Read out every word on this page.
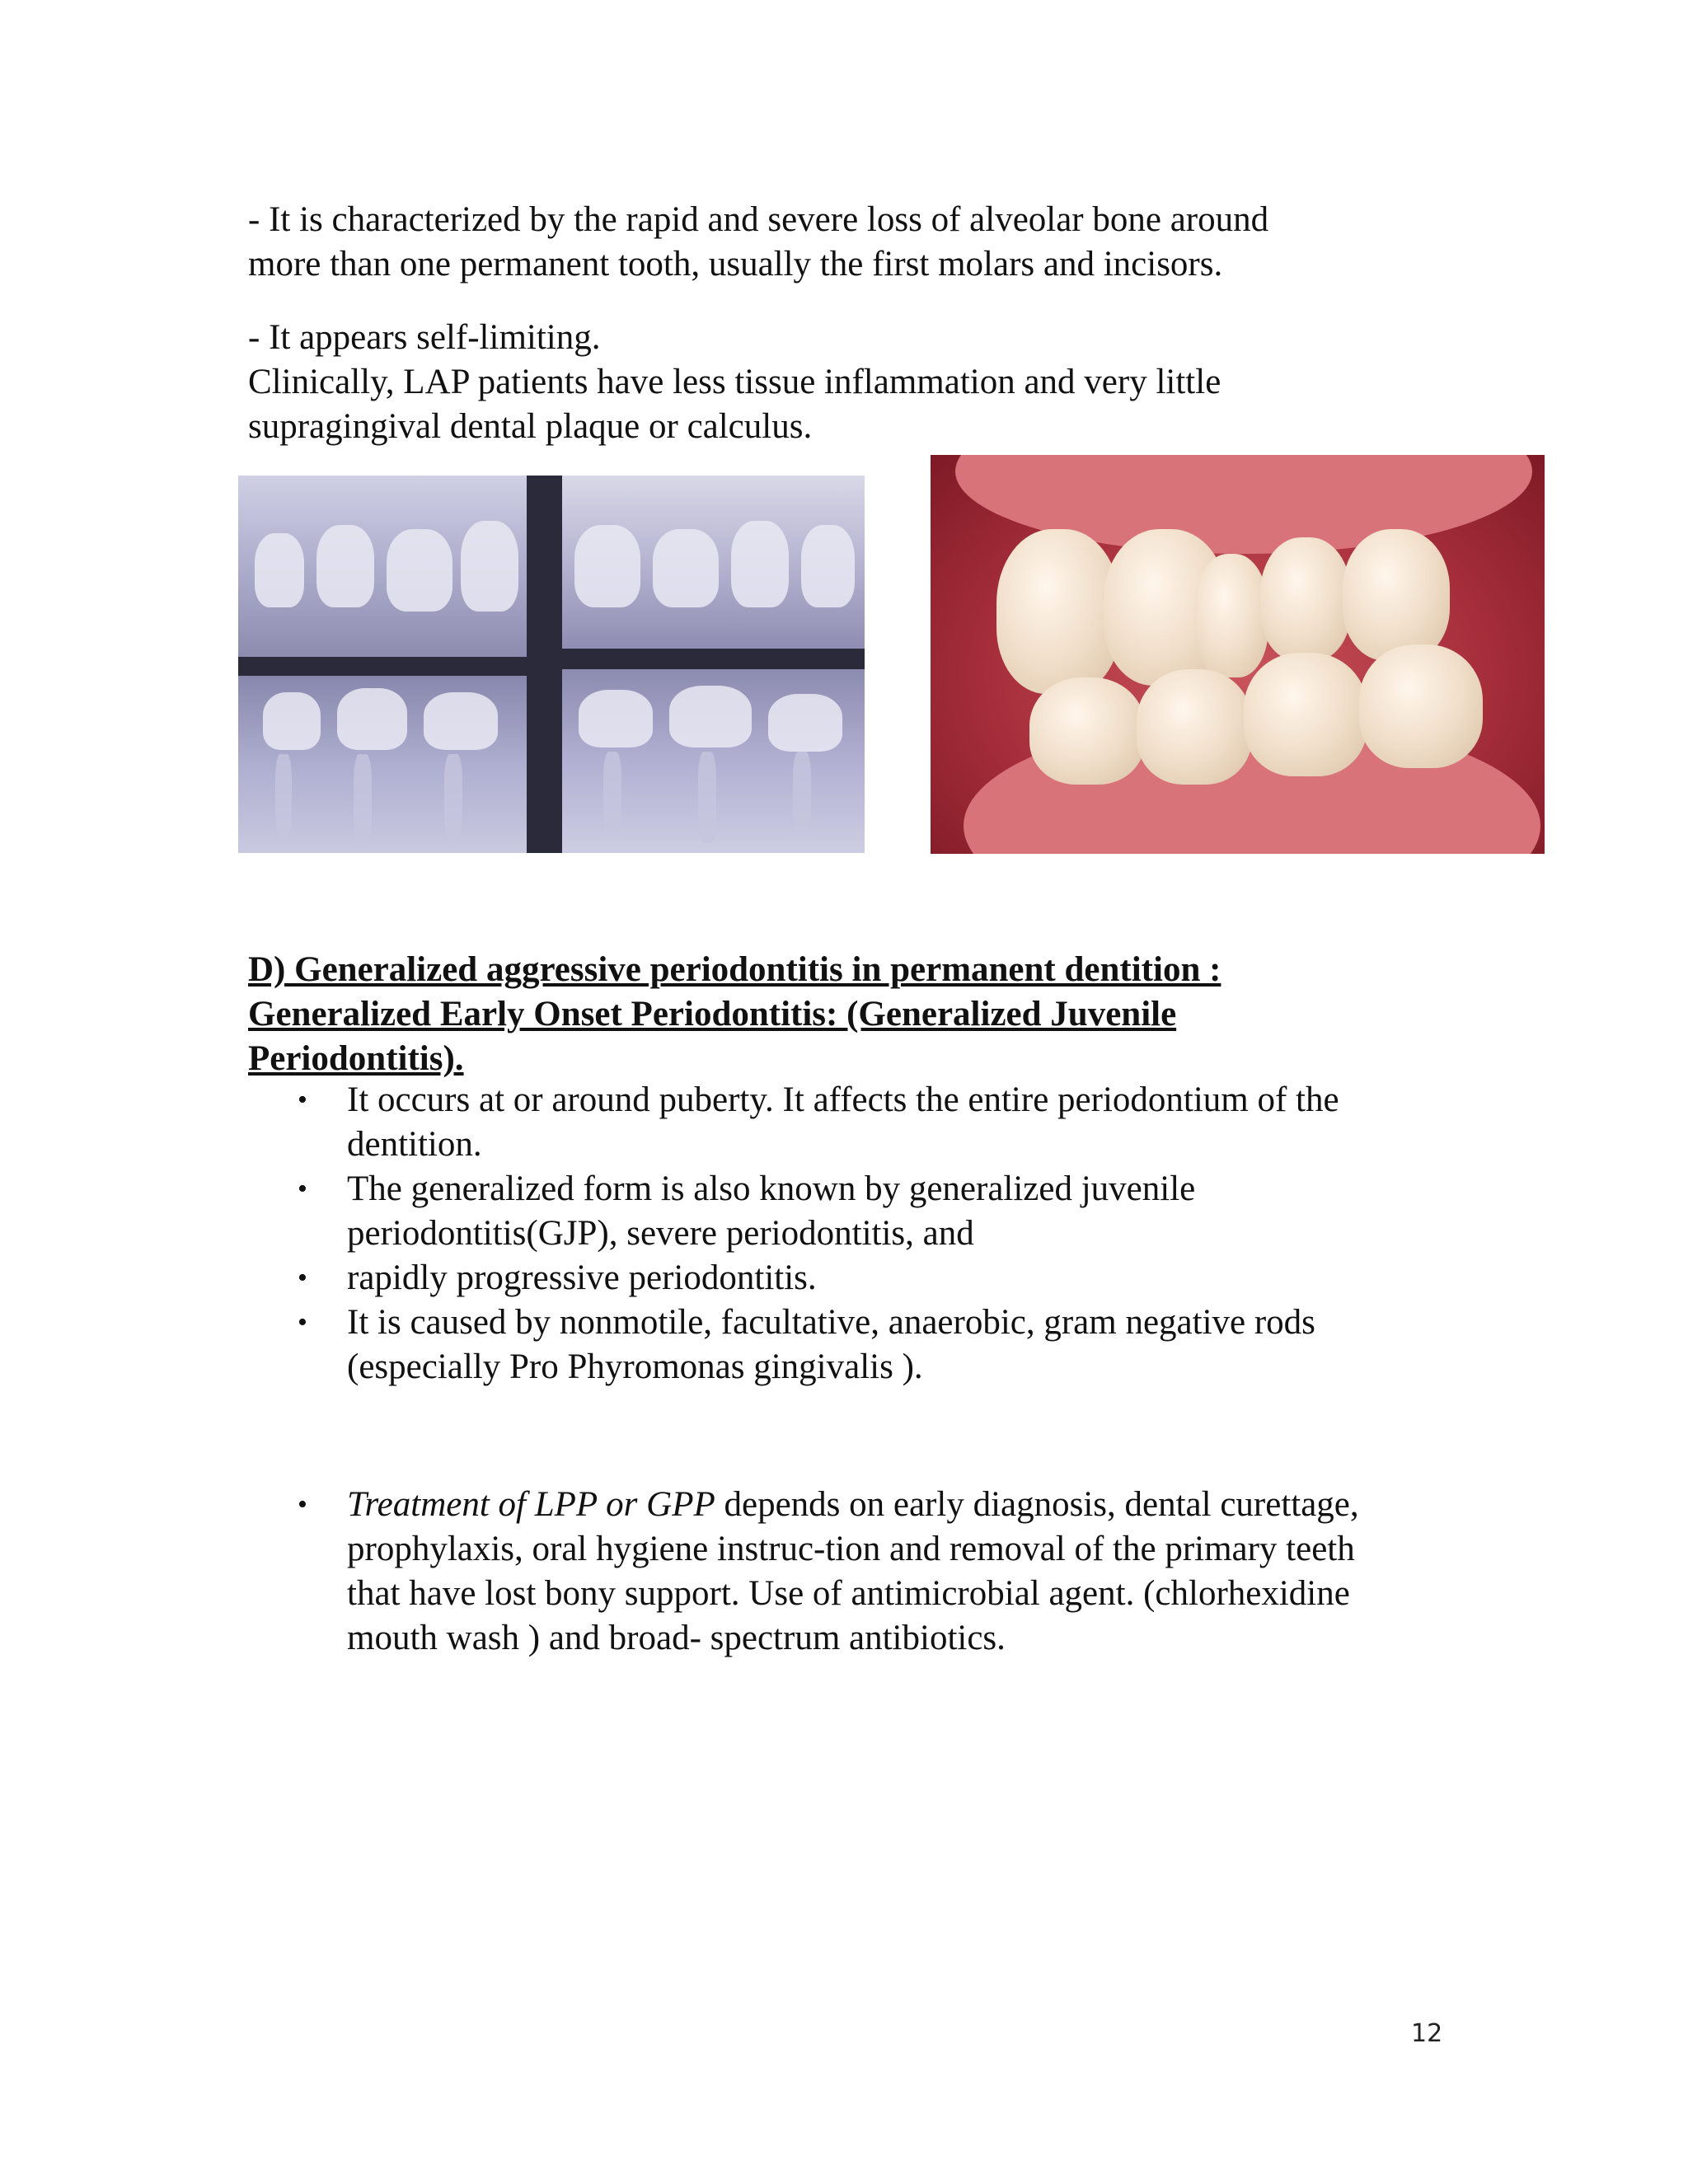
- It is characterized by the rapid and severe loss of alveolar bone around
more than one permanent tooth, usually the first molars and incisors.
- It appears self-limiting.
Clinically, LAP patients have less tissue inflammation and very little
supragingival dental plaque or calculus.
D) Generalized aggressive periodontitis in permanent dentition :
Generalized Early Onset Periodontitis: (Generalized Juvenile
Periodontitis).
• It occurs at or around puberty. It affects the entire periodontium of the
dentition.
• The generalized form is also known by generalized juvenile
periodontitis(GJP), severe periodontitis, and
• rapidly progressive periodontitis.
• It is caused by nonmotile, facultative, anaerobic, gram negative rods
(especially Pro Phyromonas gingivalis ).
• Treatment of LPP or GPP depends on early diagnosis, dental curettage,
prophylaxis, oral hygiene instruc-tion and removal of the primary teeth
that have lost bony support. Use of antimicrobial agent. (chlorhexidine
mouth wash ) and broad- spectrum antibiotics.
12
